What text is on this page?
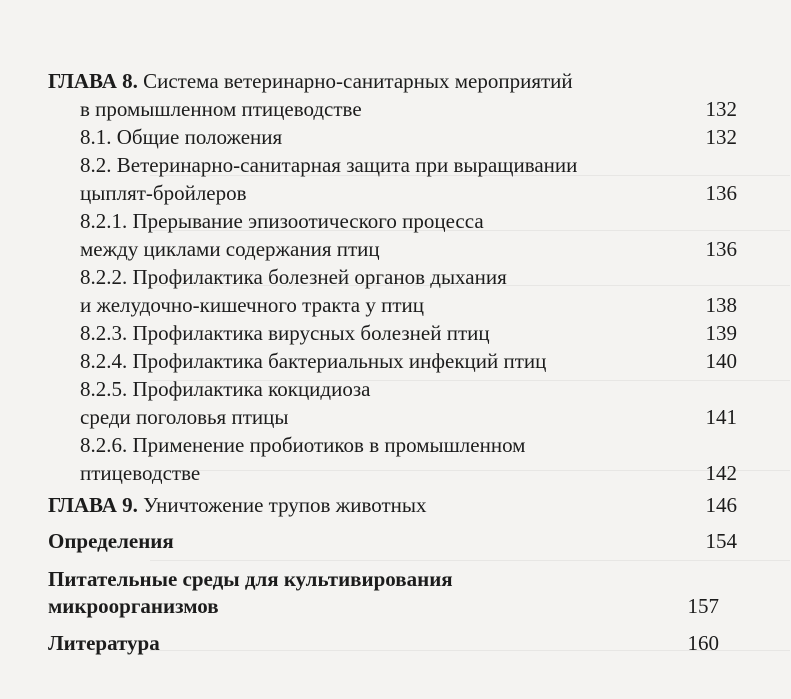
ГЛАВА 8. Система ветеринарно-санитарных мероприятий
в промышленном птицеводстве	132
8.1. Общие положения	132
8.2. Ветеринарно-санитарная защита при выращивании
цыплят-бройлеров	136
8.2.1. Прерывание эпизоотического процесса
между циклами содержания птиц	136
8.2.2. Профилактика болезней органов дыхания
и желудочно-кишечного тракта у птиц	138
8.2.3. Профилактика вирусных болезней птиц	139
8.2.4. Профилактика бактериальных инфекций птиц	140
8.2.5. Профилактика кокцидиоза
среди поголовья птицы	141
8.2.6. Применение пробиотиков в промышленном
птицеводстве	142
ГЛАВА 9. Уничтожение трупов животных	146
Определения	154
Питательные среды для культивирования
микроорганизмов	157
Литература	160
